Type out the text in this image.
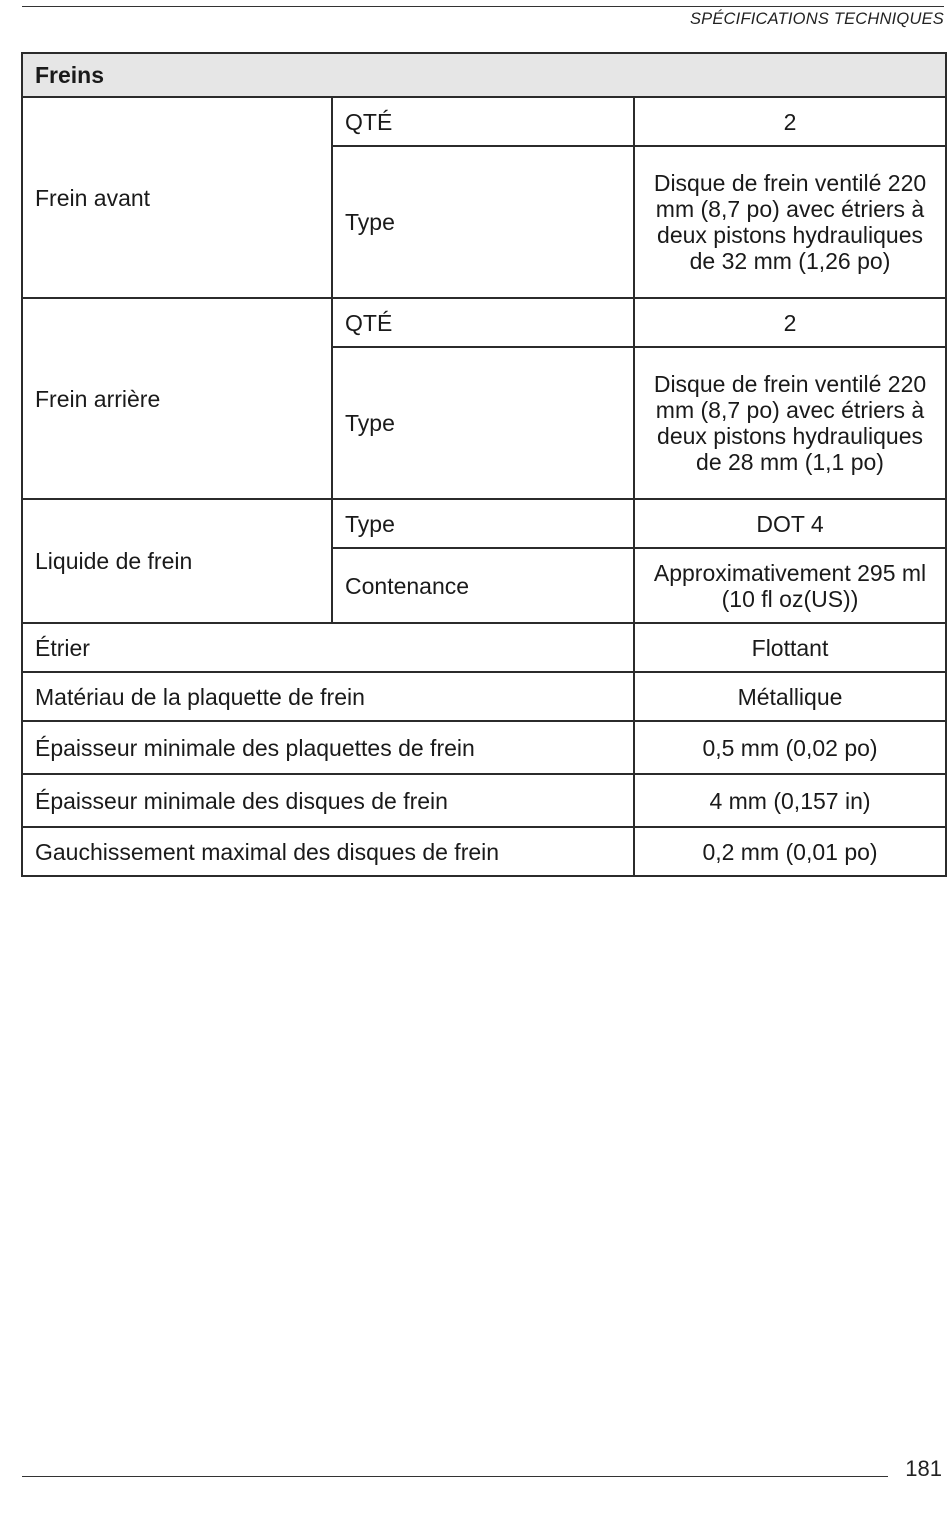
SPÉCIFICATIONS TECHNIQUES
Freins		
Frein avant	QTÉ	2
	Type	Disque de frein ventilé 220 mm (8,7 po) avec étriers à deux pistons hydrauliques de 32 mm (1,26 po)
Frein arrière	QTÉ	2
	Type	Disque de frein ventilé 220 mm (8,7 po) avec étriers à deux pistons hydrauliques de 28 mm (1,1 po)
Liquide de frein	Type	DOT 4
	Contenance	Approximativement 295 ml (10 fl oz(US))
Étrier		Flottant
Matériau de la plaquette de frein		Métallique
Épaisseur minimale des plaquettes de frein		0,5 mm (0,02 po)
Épaisseur minimale des disques de frein		4 mm (0,157 in)
Gauchissement maximal des disques de frein		0,2 mm (0,01 po)
181
